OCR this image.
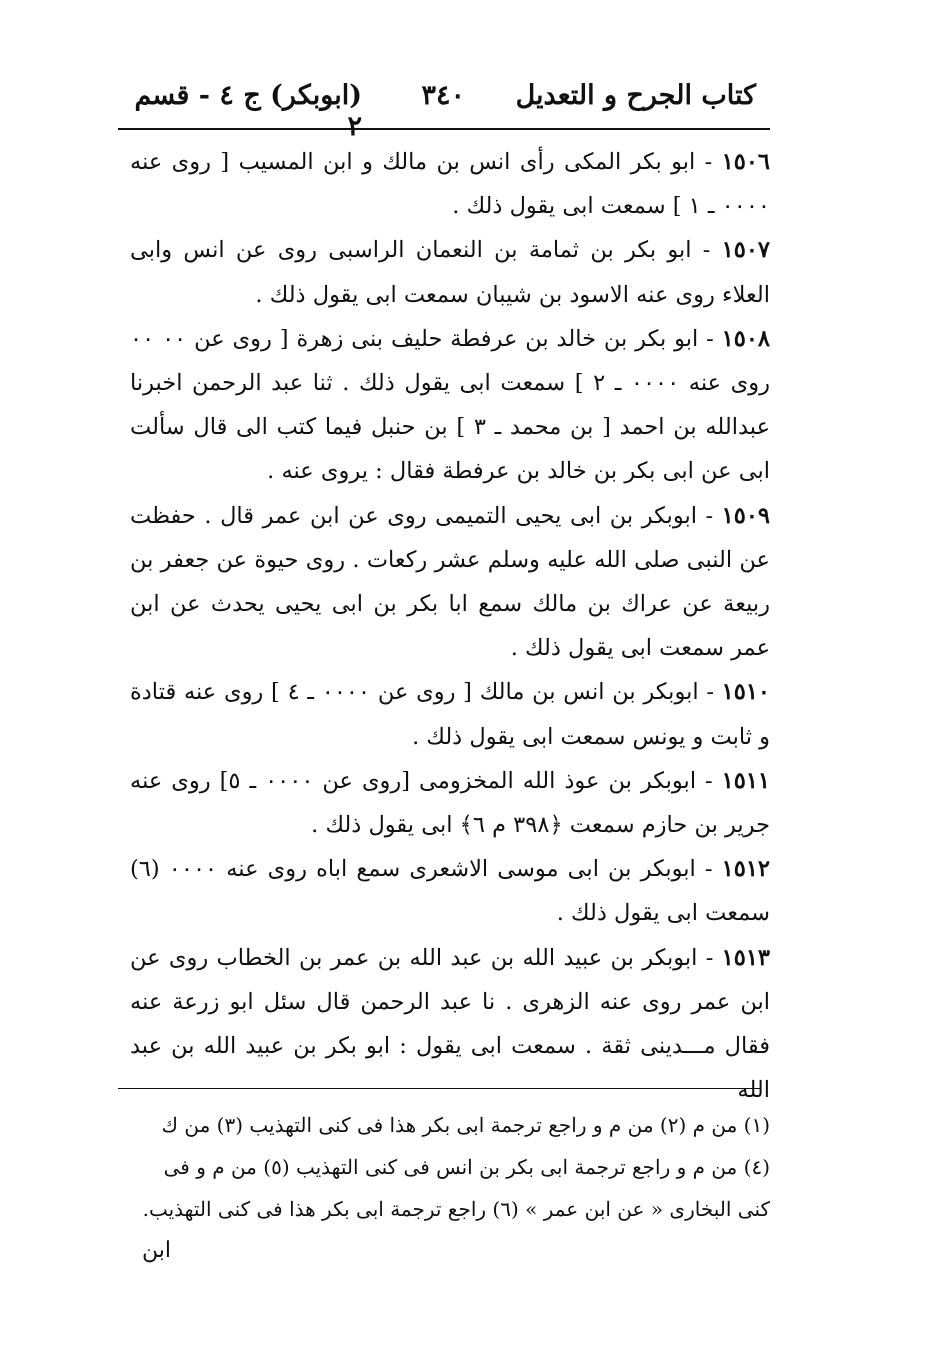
كتاب الجرح و التعديل
٣٤٠
(ابوبكر) ج ٤ - قسم ٢

١٥٠٦ - ابو بكر المكى رأى انس بن مالك و ابن المسيب [ روى عنه ٠٠٠٠ ـ ١ ] سمعت ابى يقول ذلك .

١٥٠٧ - ابو بكر بن ثمامة بن النعمان الراسبى روى عن انس وابى العلاء روى عنه الاسود بن شيبان سمعت ابى يقول ذلك .

١٥٠٨ - ابو بكر بن خالد بن عرفطة حليف بنى زهرة [ روى عن ٠٠ ٠٠ روى عنه ٠٠٠٠ ـ ٢ ] سمعت ابى يقول ذلك . ثنا عبد الرحمن اخبرنا عبدالله بن احمد [ بن محمد ـ ٣ ] بن حنبل فيما كتب الى قال سألت ابى عن ابى بكر بن خالد بن عرفطة فقال : يروى عنه .

١٥٠٩ - ابوبكر بن ابى يحيى التميمى روى عن ابن عمر قال . حفظت عن النبى صلى الله عليه وسلم عشر ركعات . روى حيوة عن جعفر بن ربيعة عن عراك بن مالك سمع ابا بكر بن ابى يحيى يحدث عن ابن عمر سمعت ابى يقول ذلك .

١٥١٠ - ابوبكر بن انس بن مالك [ روى عن ٠٠٠٠ ـ ٤ ] روى عنه قتادة و ثابت و يونس سمعت ابى يقول ذلك .

١٥١١ - ابوبكر بن عوذ الله المخزومى [روى عن ٠٠٠٠ ـ ٥] روى عنه جرير بن حازم سمعت ﴿٣٩٨ م ٦﴾ ابى يقول ذلك .

١٥١٢ - ابوبكر بن ابى موسى الاشعرى سمع اباه روى عنه ٠٠٠٠ (٦) سمعت ابى يقول ذلك .

١٥١٣ - ابوبكر بن عبيد الله بن عبد الله بن عمر بن الخطاب روى عن ابن عمر روى عنه الزهرى . نا عبد الرحمن قال سئل ابو زرعة عنه فقال مـــدينى ثقة . سمعت ابى يقول : ابو بكر بن عبيد الله بن عبد الله

(١) من م (٢) من م و راجع ترجمة ابى بكر هذا فى كنى التهذيب (٣) من ك

(٤) من م و راجع ترجمة ابى بكر بن انس فى كنى التهذيب (٥) من م و فى

كنى البخارى « عن ابن عمر » (٦) راجع ترجمة ابى بكر هذا فى كنى التهذيب.

ابن
